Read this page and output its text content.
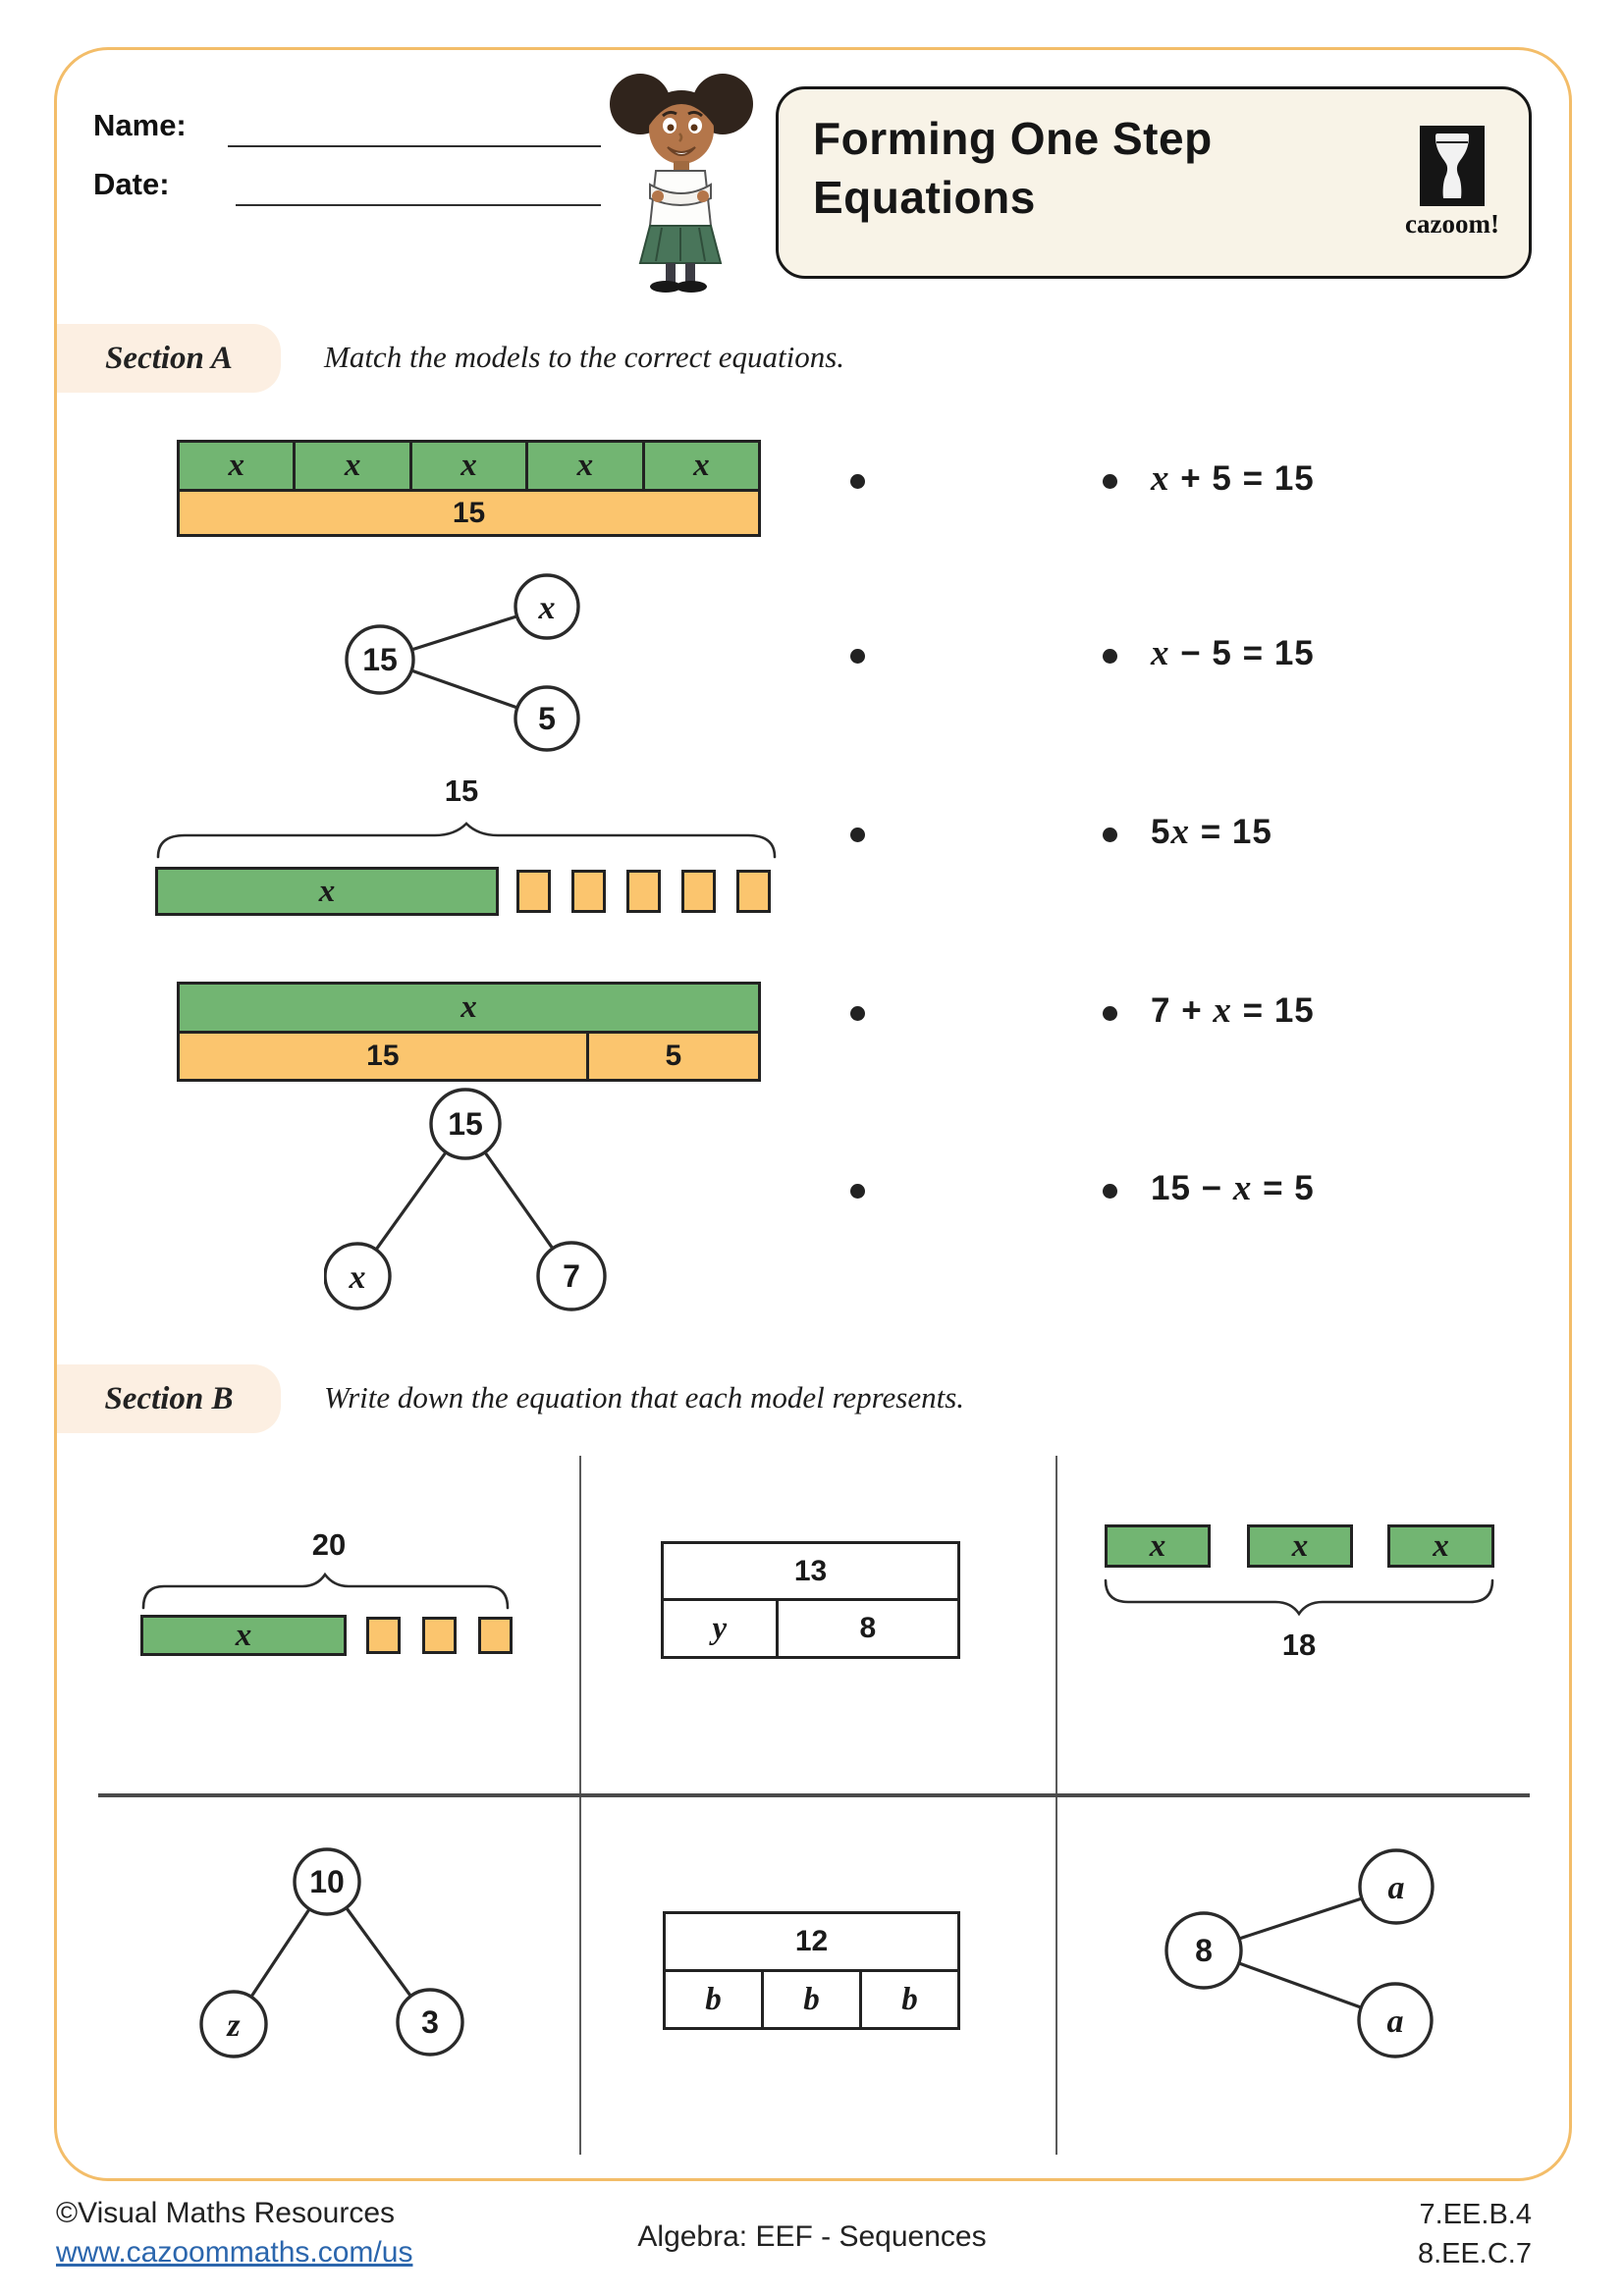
Name:
Date:
Forming One Step
Equations
cazoom!
Section A	Match the models to the correct equations.
x	x	x	x	x
1 5
15
x
5
15
x
x
1 5	5
15
x	7
x + 5 = 15
x − 5 = 15
5x = 15
7 + x = 15
15 − x = 5
Section B	Write down the equation that each model represents.
20
x
1 3
y	8
x	x	x
18
10
z	3
1 2
b	b	b
8
a
a
©Visual Maths Resources
www.cazoommaths.com/us	Algebra: EEF - Sequences
7.EE.B.4
8.EE.C.7
